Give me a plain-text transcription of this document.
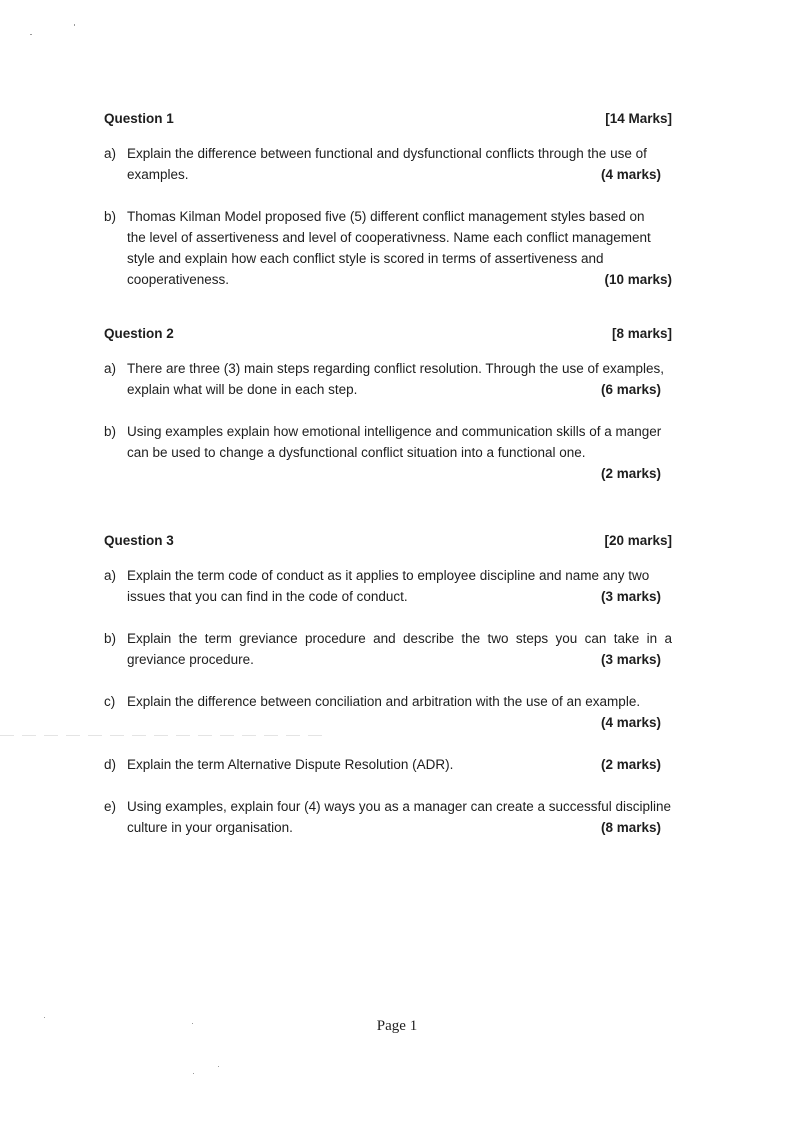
Question 1	[14 Marks]
a) Explain the difference between functional and dysfunctional conflicts through the use of
examples.	(4 marks)
b) Thomas Kilman Model proposed five (5) different conflict management styles based on
the level of assertiveness and level of cooperativness. Name each conflict management
style and explain how each conflict style is scored in terms of assertiveness and
cooperativeness.	(10 marks)
Question 2	[8 marks]
a) There are three (3) main steps regarding conflict resolution. Through the use of examples,
explain what will be done in each step.	(6 marks)
b) Using examples explain how emotional intelligence and communication skills of a manger
can be used to change a dysfunctional conflict situation into a functional one.
(2 marks)
Question 3	[20 marks]
a) Explain the term code of conduct as it applies to employee discipline and name any two
issues that you can find in the code of conduct.	(3 marks)
b) Explain the term greviance procedure and describe the two steps you can take in a
greviance procedure.	(3 marks)
c) Explain the difference between conciliation and arbitration with the use of an example.
(4 marks)
d) Explain the term Alternative Dispute Resolution (ADR).	(2 marks)
e) Using examples, explain four (4) ways you as a manager can create a successful discipline
culture in your organisation.	(8 marks)
Page 1
